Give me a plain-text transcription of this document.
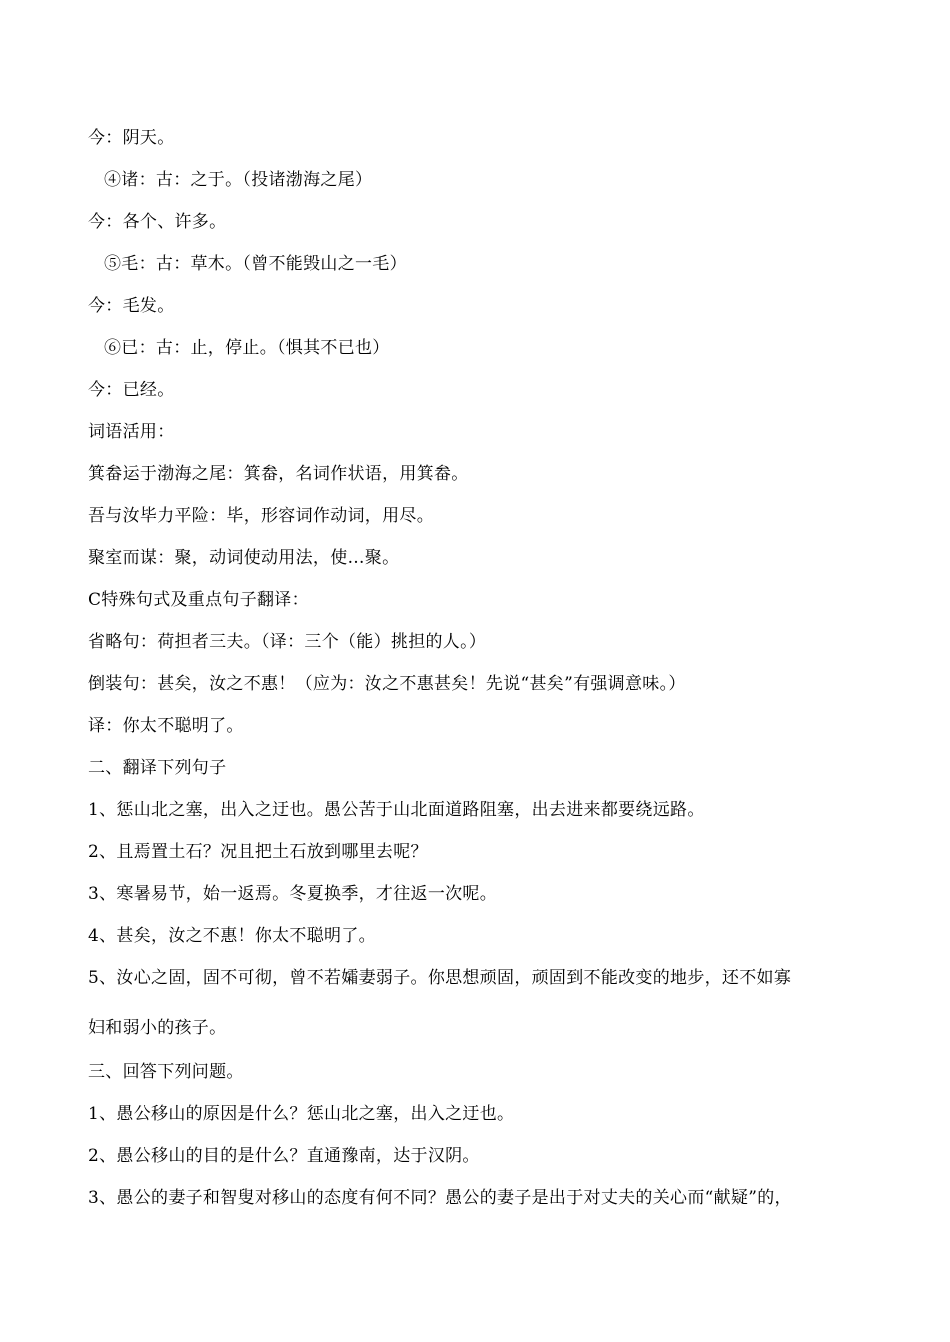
今：阴天。
④诸：古：之于。（投诸渤海之尾）
今：各个、许多。
⑤毛：古：草木。（曾不能毁山之一毛）
今：毛发。
⑥已：古：止，停止。（惧其不已也）
今：已经。
词语活用：
箕畚运于渤海之尾：箕畚，名词作状语，用箕畚。
吾与汝毕力平险：毕，形容词作动词，用尽。
聚室而谋：聚，动词使动用法，使…聚。
C特殊句式及重点句子翻译：
省略句：荷担者三夫。（译：三个（能）挑担的人。）
倒装句：甚矣，汝之不惠！（应为：汝之不惠甚矣！先说“甚矣”有强调意味。）
译：你太不聪明了。
二、翻译下列句子
1、惩山北之塞，出入之迂也。愚公苦于山北面道路阻塞，出去进来都要绕远路。
2、且焉置土石？况且把土石放到哪里去呢？
3、寒暑易节，始一返焉。冬夏换季，才往返一次呢。
4、甚矣，汝之不惠！你太不聪明了。
5、汝心之固，固不可彻，曾不若孀妻弱子。你思想顽固，顽固到不能改变的地步，还不如寡
妇和弱小的孩子。
三、回答下列问题。
1、愚公移山的原因是什么？惩山北之塞，出入之迂也。
2、愚公移山的目的是什么？直通豫南，达于汉阴。
3、愚公的妻子和智叟对移山的态度有何不同？愚公的妻子是出于对丈夫的关心而“献疑”的，
